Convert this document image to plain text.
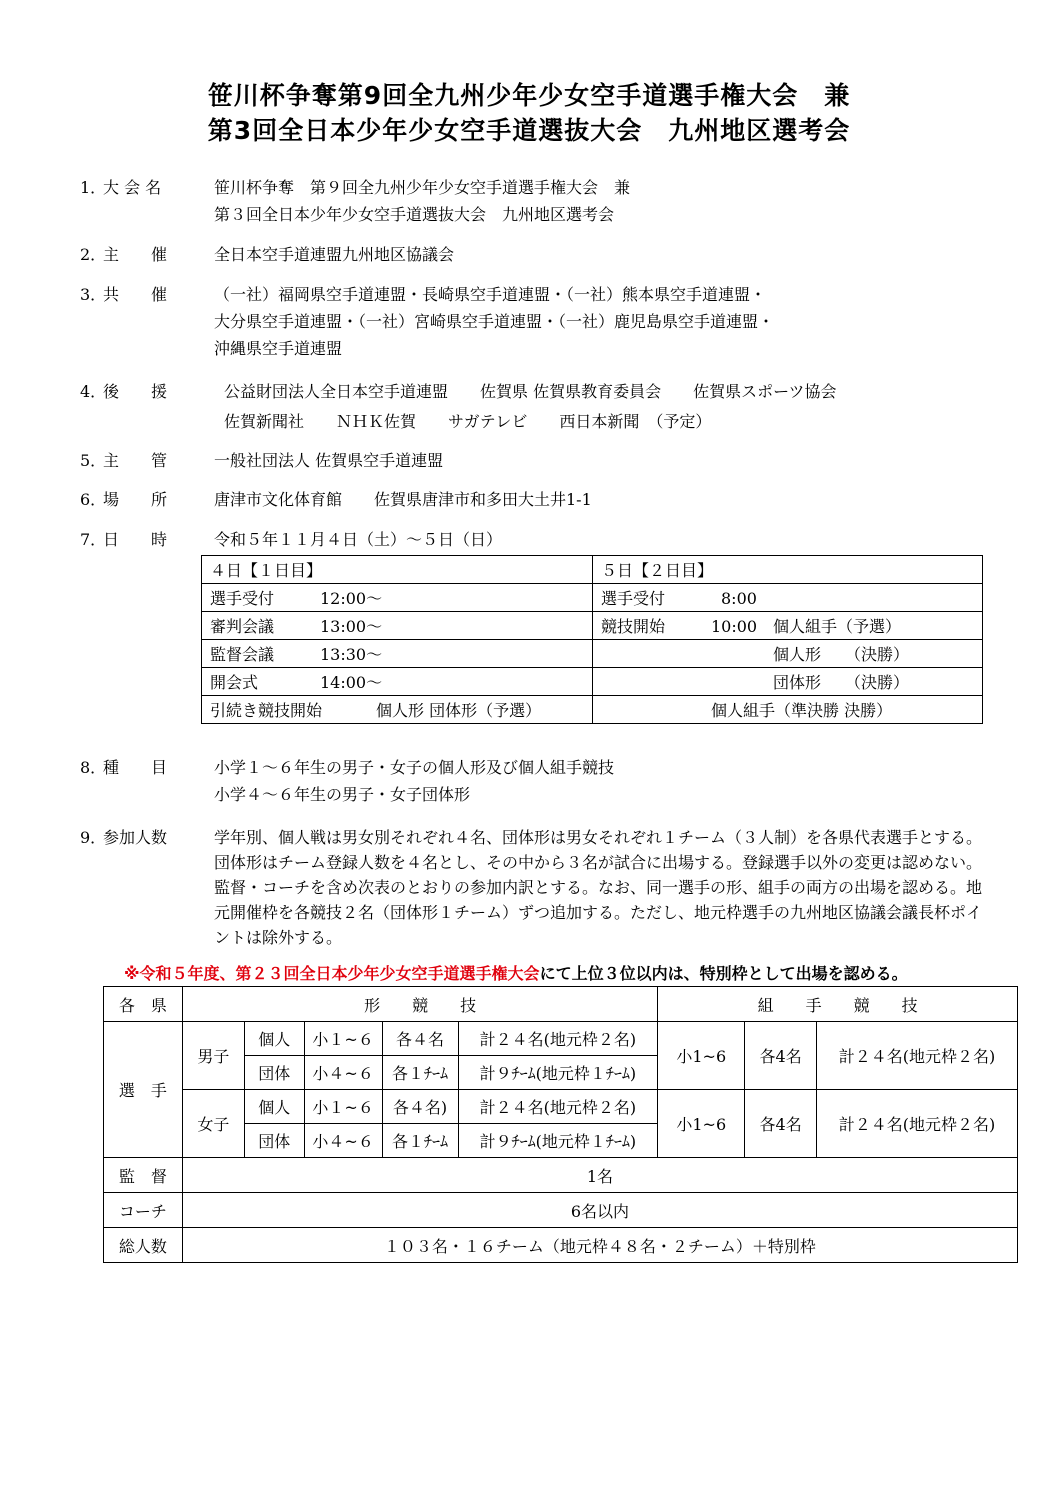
笹川杯争奪第9回全九州少年少女空手道選手権大会　兼
第3回全日本少年少女空手道選抜大会　九州地区選考会
1．
大 会 名	笹川杯争奪　第９回全九州少年少女空手道選手権大会　兼
第３回全日本少年少女空手道選抜大会　九州地区選考会
2．
主　　催	全日本空手道連盟九州地区協議会
3．
共　　催	（一社）福岡県空手道連盟・長崎県空手道連盟・（一社）熊本県空手道連盟・
大分県空手道連盟・（一社）宮崎県空手道連盟・（一社）鹿児島県空手道連盟・
沖縄県空手道連盟
4．
後　　援	公益財団法人全日本空手道連盟　　佐賀県 佐賀県教育委員会　　佐賀県スポーツ協会
佐賀新聞社　　ＮＨＫ佐賀　　サガテレビ　　西日本新聞　（予定）
5．
主　　管	一般社団法人 佐賀県空手道連盟
6．
場　　所	唐津市文化体育館　　佐賀県唐津市和多田大土井1-1
7．
日　　時	令和５年１１月４日（土）～５日（日）
４日【１日目】	５日【２日目】
選手受付 12:00～	選手受付 8:00
審判会議 13:00～	競技開始 10:00 個人組手（予選）
監督会議 13:30～	個人形　　（決勝）
開会式 14:00～	団体形　　（決勝）
引続き競技開始 個人形 団体形（予選）	個人組手（準決勝 決勝）
8．
種　　目	小学１～６年生の男子・女子の個人形及び個人組手競技
小学４～６年生の男子・女子団体形
9．
参加人数	学年別、個人戦は男女別それぞれ４名、団体形は男女それぞれ１チーム（３人制）を各県代表選手とする。団体形はチーム登録人数を４名とし、その中から３名が試合に出場する。登録選手以外の変更は認めない。監督・コーチを含め次表のとおりの参加内訳とする。なお、同一選手の形、組手の両方の出場を認める。地元開催枠を各競技２名（団体形１チーム）ずつ追加する。ただし、地元枠選手の九州地区協議会議長杯ポイントは除外する。
※令和５年度、第２３回全日本少年少女空手道選手権大会にて上位３位以内は、特別枠として出場を認める。
各　県	形　　競　　技					組　　手　　競　　技		
選　手	男子	個人	小１~６	各４名	計２４名(地元枠２名)	小1~6	各4名	計２４名(地元枠２名)
		団体	小４~６	各１ﾁｰﾑ	計９ﾁｰﾑ(地元枠１ﾁｰﾑ)			
	女子	個人	小１~６	各４名)	計２４名(地元枠２名)	小1~6	各4名	計２４名(地元枠２名)
		団体	小４~６	各１ﾁｰﾑ	計９ﾁｰﾑ(地元枠１ﾁｰﾑ)			
監　督	1名							
コーチ	6名以内							
総人数	１０３名・１６チーム（地元枠４８名・２チーム）＋特別枠							
